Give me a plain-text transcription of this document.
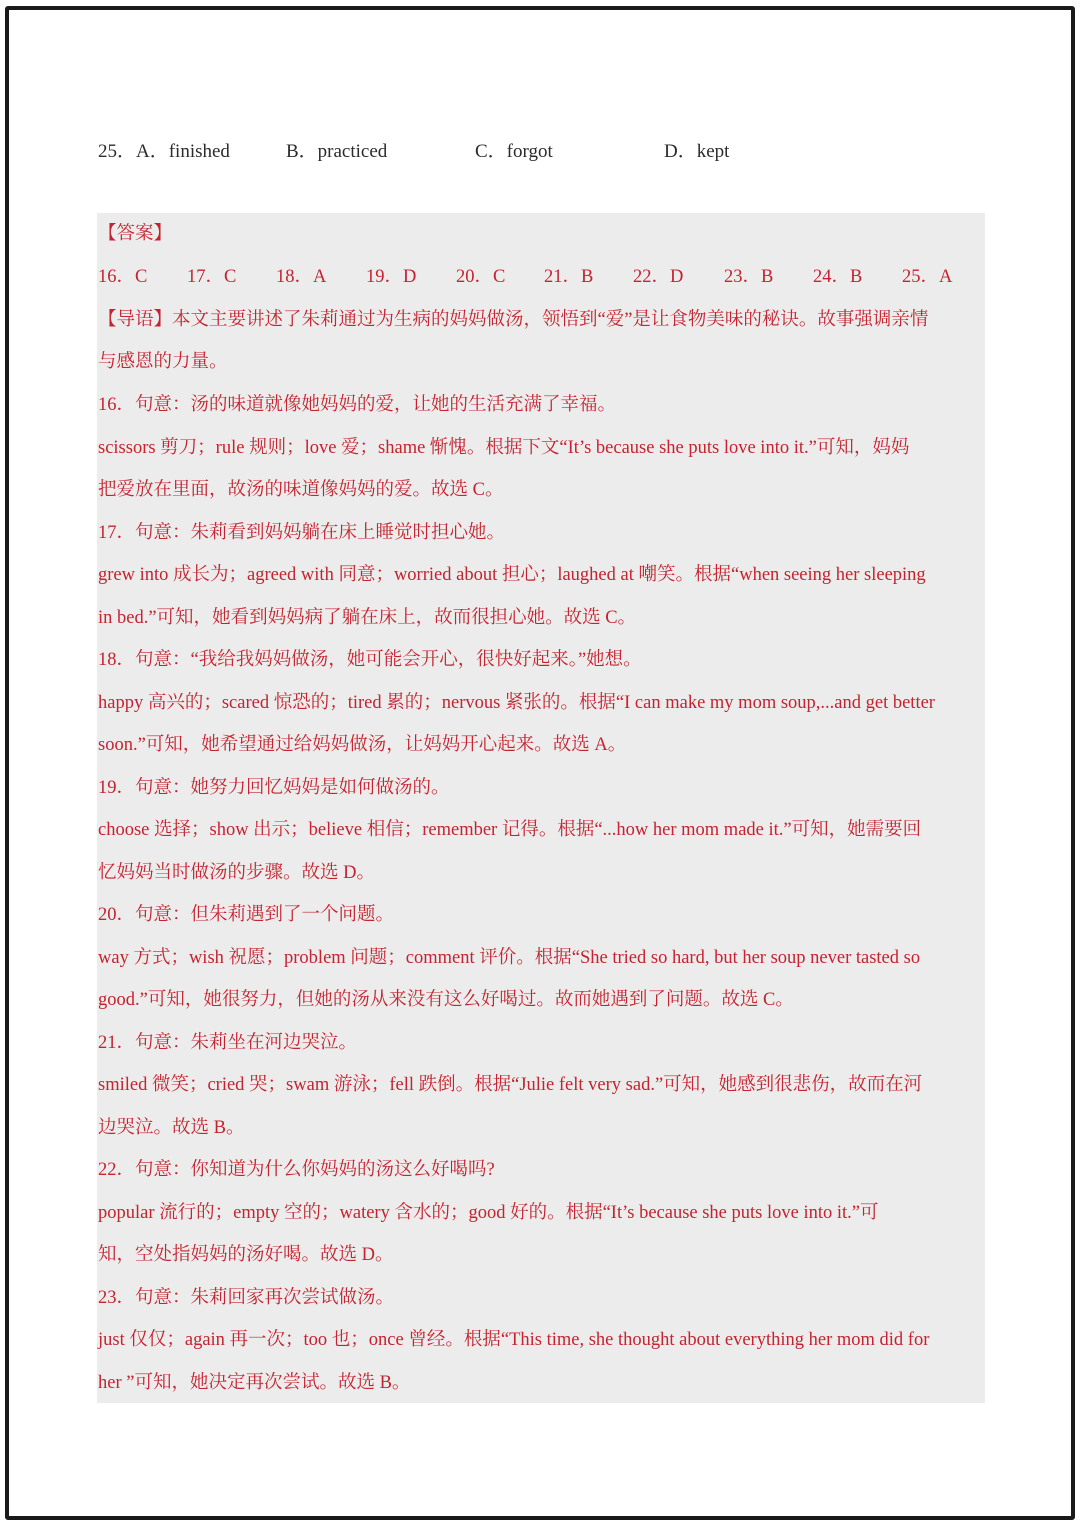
25．A．finished	B．practiced	C．forgot	D．kept
【答案】
16．C 17．C 18．A 19．D 20．C 21．B 22．D 23．B 24．B 25．A
【导语】本文主要讲述了朱莉通过为生病的妈妈做汤，领悟到“爱”是让食物美味的秘诀。故事强调亲情
与感恩的力量。
16．句意：汤的味道就像她妈妈的爱，让她的生活充满了幸福。
scissors 剪刀；rule 规则；love 爱；shame 惭愧。根据下文“It’s because she puts love into it.”可知，妈妈
把爱放在里面，故汤的味道像妈妈的爱。故选 C。
17．句意：朱莉看到妈妈躺在床上睡觉时担心她。
grew into 成长为；agreed with 同意；worried about 担心；laughed at 嘲笑。根据“when seeing her sleeping
in bed.”可知，她看到妈妈病了躺在床上，故而很担心她。故选 C。
18．句意：“我给我妈妈做汤，她可能会开心，很快好起来。”她想。
happy 高兴的；scared 惊恐的；tired 累的；nervous 紧张的。根据“I can make my mom soup,...and get better
soon.”可知，她希望通过给妈妈做汤，让妈妈开心起来。故选 A。
19．句意：她努力回忆妈妈是如何做汤的。
choose 选择；show 出示；believe 相信；remember 记得。根据“...how her mom made it.”可知，她需要回
忆妈妈当时做汤的步骤。故选 D。
20．句意：但朱莉遇到了一个问题。
way 方式；wish 祝愿；problem 问题；comment 评价。根据“She tried so hard, but her soup never tasted so
good.”可知，她很努力，但她的汤从来没有这么好喝过。故而她遇到了问题。故选 C。
21．句意：朱莉坐在河边哭泣。
smiled 微笑；cried 哭；swam 游泳；fell 跌倒。根据“Julie felt very sad.”可知，她感到很悲伤，故而在河
边哭泣。故选 B。
22．句意：你知道为什么你妈妈的汤这么好喝吗?
popular 流行的；empty 空的；watery 含水的；good 好的。根据“It’s because she puts love into it.”可
知，空处指妈妈的汤好喝。故选 D。
23．句意：朱莉回家再次尝试做汤。
just 仅仅；again 再一次；too 也；once 曾经。根据“This time, she thought about everything her mom did for
her ”可知，她决定再次尝试。故选 B。
